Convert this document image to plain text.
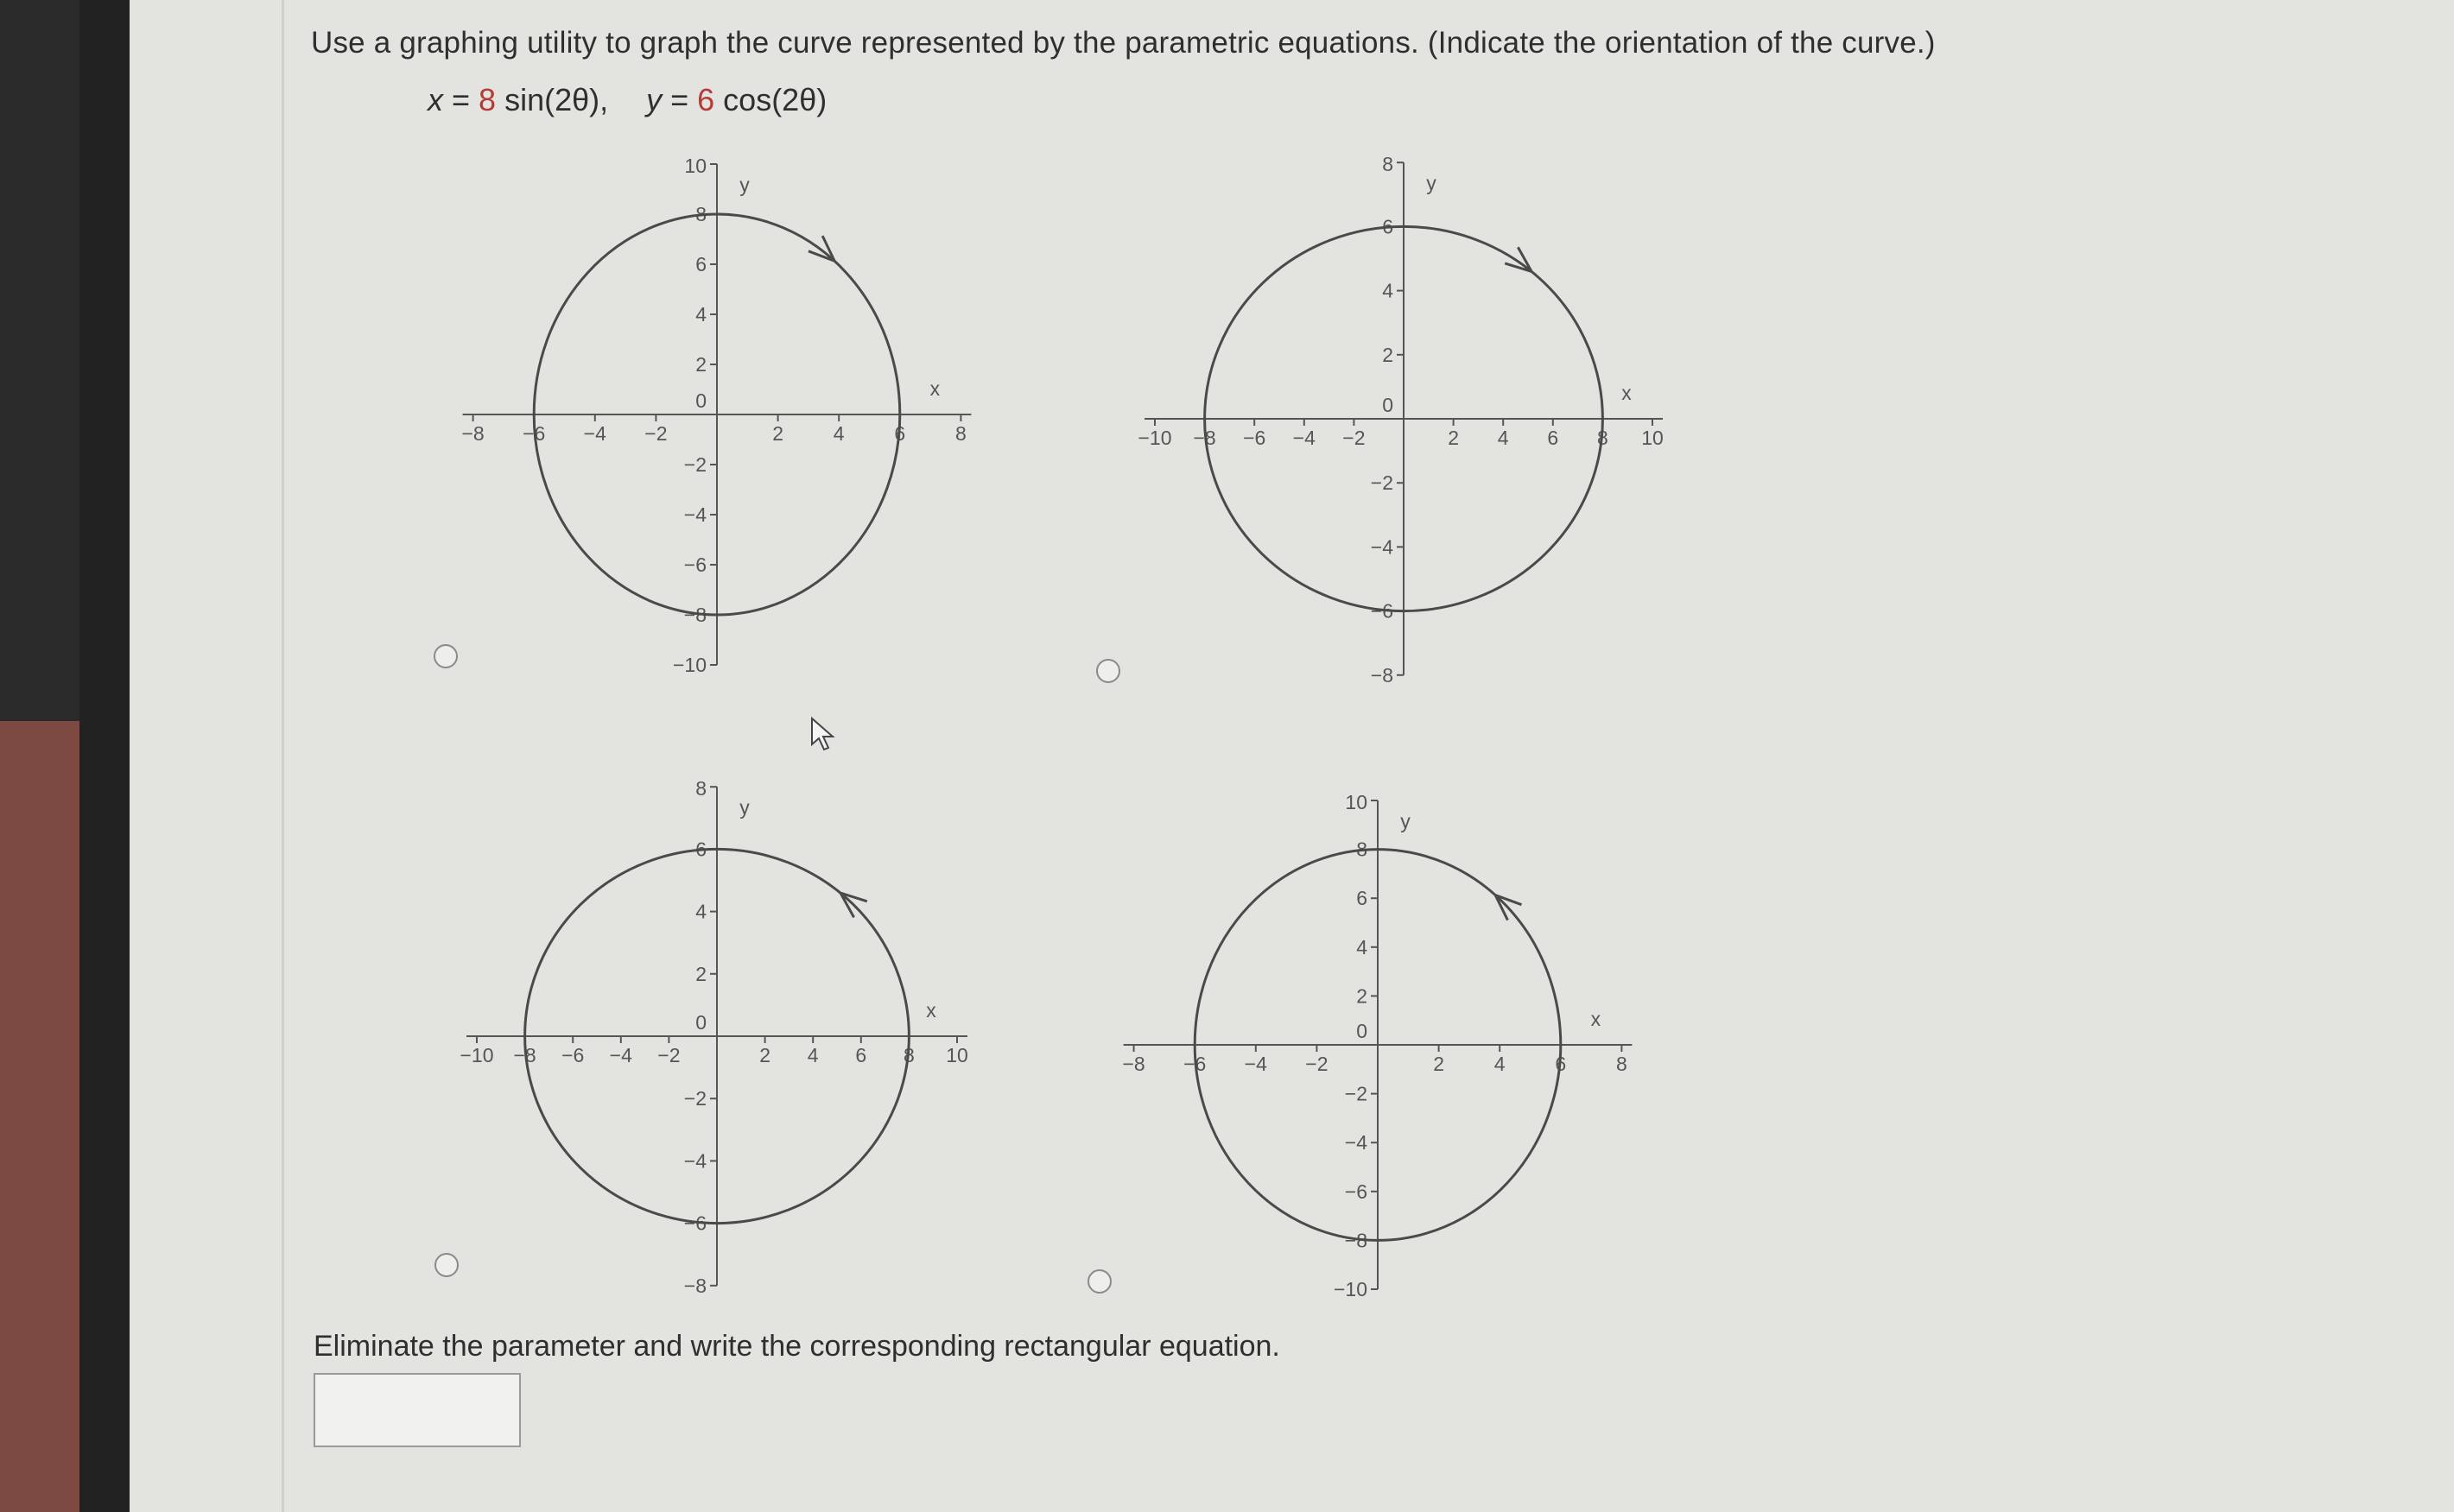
Use a graphing utility to graph the curve represented by the parametric equations. (Indicate the orientation of the curve.)
x = 8 sin(2θ), y = 6 cos(2θ)
−8 −6 −4 −2	2	4	6	8
8
6
4
2
−2
−4
−6
−8
10
−10
0
x
y
−10 −8 −6 −4 −2	2 4 6 8 10
6
4
2
−2
−4
−6
8
−8
0
x
y
−10 −8 −6 −4 −2	2 4 6 8 10
6
4
2
−2
−4
−6
8
−8
0
x
y
−8 −6 −4 −2	2	4	6	8
8
6
4
2
−2
−4
−6
−8
10
−10
0
x
y
Eliminate the parameter and write the corresponding rectangular equation.
